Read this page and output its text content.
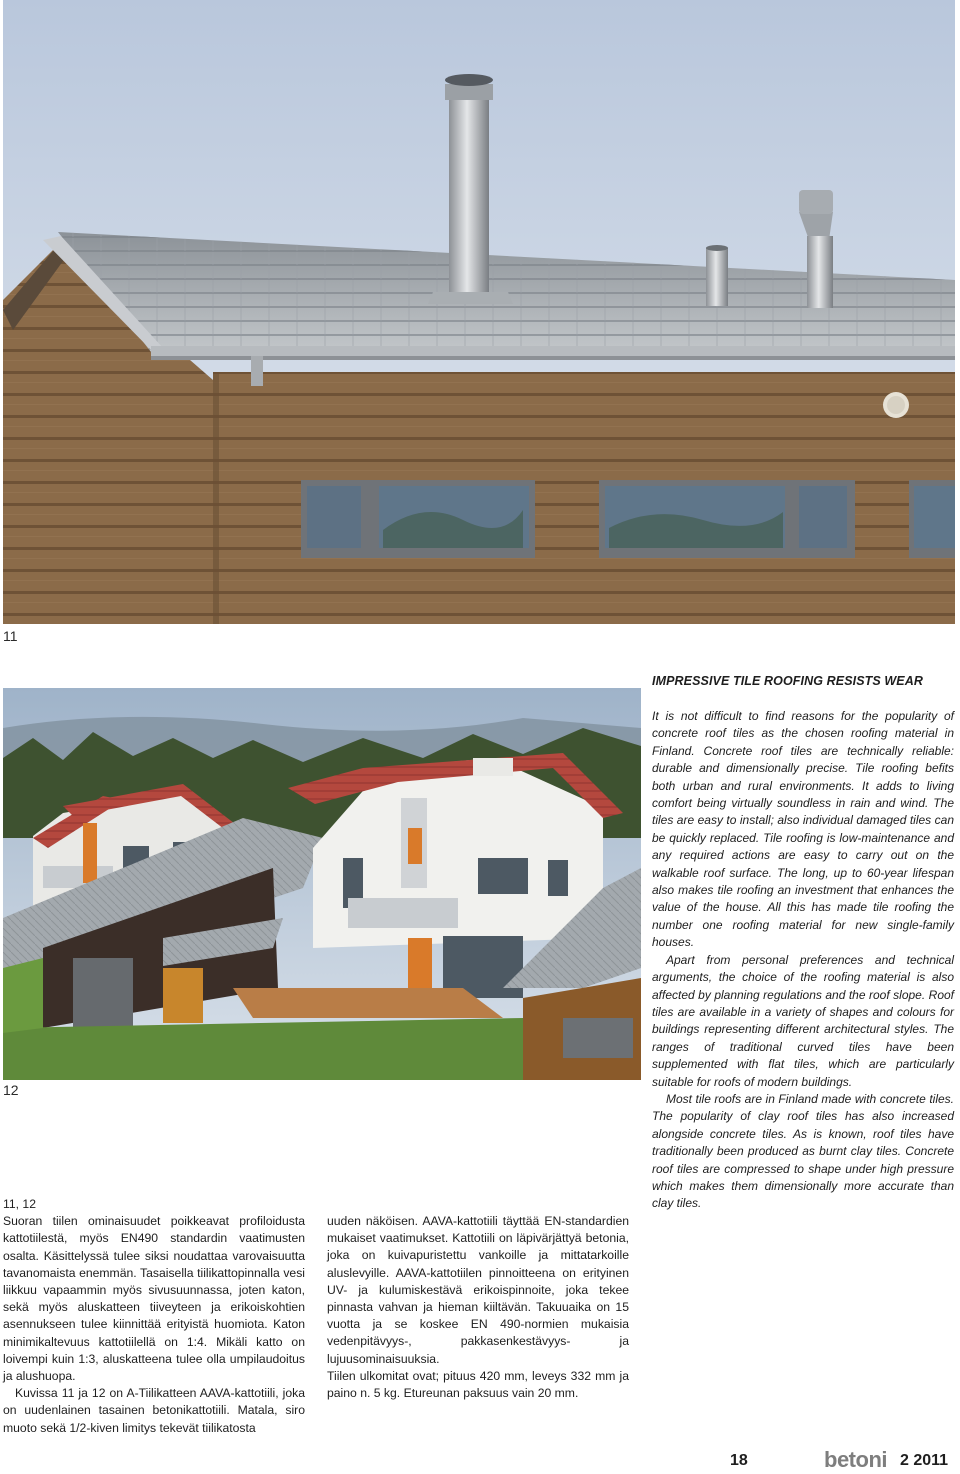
11
12
IMPRESSIVE TILE ROOFING RESISTS WEAR

It is not difficult to find reasons for the popularity of concrete roof tiles as the chosen roofing material in Finland. Concrete roof tiles are technically reliable: durable and dimensionally precise. Tile roofing befits both urban and rural environments. It adds to living comfort being virtually soundless in rain and wind. The tiles are easy to install; also individual damaged tiles can be quickly replaced. Tile roofing is low-maintenance and any required actions are easy to carry out on the walkable roof surface. The long, up to 60-year lifespan also makes tile roofing an investment that enhances the value of the house. All this has made tile roofing the number one roofing material for new single-family houses.

Apart from personal preferences and technical arguments, the choice of the roofing material is also affected by planning regulations and the roof slope. Roof tiles are available in a variety of shapes and colours for buildings representing different architectural styles. The ranges of traditional curved tiles have been supplemented with flat tiles, which are particularly suitable for roofs of modern buildings.

Most tile roofs are in Finland made with concrete tiles. The popularity of clay roof tiles has also increased alongside concrete tiles. As is known, roof tiles have traditionally been produced as burnt clay tiles. Concrete roof tiles are compressed to shape under high pressure which makes them dimensionally more accurate than clay tiles.

11, 12

Suoran tiilen ominaisuudet poikkeavat profiloidusta kattotiilestä, myös EN490 standardin vaatimusten osalta. Käsittelyssä tulee siksi noudattaa varovaisuutta tavanomaista enemmän. Tasaisella tiilikattopinnalla vesi liikkuu vapaammin myös sivusuunnassa, joten katon, sekä myös aluskatteen tiiveyteen ja erikoiskohtien asennukseen tulee kiinnittää erityistä huomiota. Katon minimikaltevuus kattotiilellä on 1:4. Mikäli katto on loivempi kuin 1:3, aluskatteena tulee olla umpilaudoitus ja alushuopa.

Kuvissa 11 ja 12 on A-Tiilikatteen AAVA-kattotiili, joka on uudenlainen tasainen betonikattotiili. Matala, siro muoto sekä 1/2-kiven limitys tekevät tiilikatosta

uuden näköisen. AAVA-kattotiili täyttää EN-standardien mukaiset vaatimukset. Kattotiili on läpivärjättyä betonia, joka on kuivapuristettu vankoille ja mittatarkoille aluslevyille. AAVA-kattotiilen pinnoitteena on erityinen UV- ja kulumiskestävä erikoispinnoite, joka tekee pinnasta vahvan ja hieman kiiltävän. Takuuaika on 15 vuotta ja se koskee EN 490-normien mukaisia vedenpitävyys-, pakkasenkestävyys- ja lujuusominaisuuksia.

Tiilen ulkomitat ovat; pituus 420 mm, leveys 332 mm ja paino n. 5 kg. Etureunan paksuus vain 20 mm.

18	betoni 2 2011
